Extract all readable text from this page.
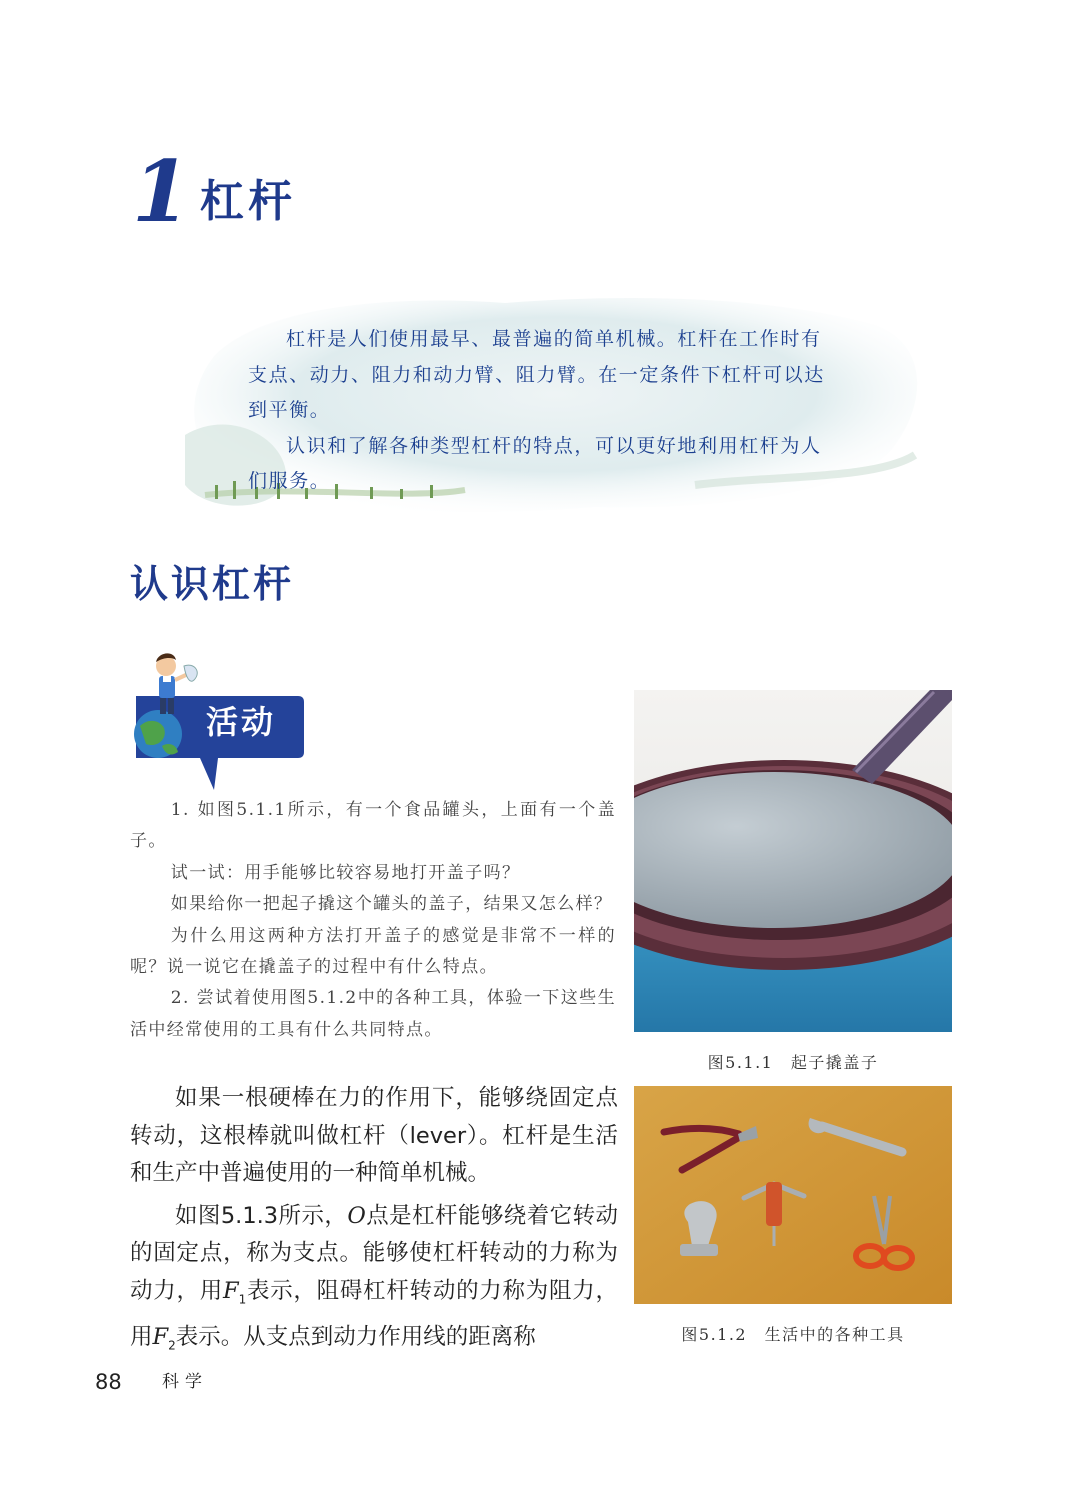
1 杠杆

杠杆是人们使用最早、最普遍的简单机械。杠杆在工作时有支点、动力、阻力和动力臂、阻力臂。在一定条件下杠杆可以达到平衡。

认识和了解各种类型杠杆的特点，可以更好地利用杠杆为人们服务。

认识杠杆
活动

1. 如图5.1.1所示，有一个食品罐头，上面有一个盖子。

试一试：用手能够比较容易地打开盖子吗？

如果给你一把起子撬这个罐头的盖子，结果又怎么样？

为什么用这两种方法打开盖子的感觉是非常不一样的呢？说一说它在撬盖子的过程中有什么特点。

2. 尝试着使用图5.1.2中的各种工具，体验一下这些生活中经常使用的工具有什么共同特点。

如果一根硬棒在力的作用下，能够绕固定点转动，这根棒就叫做杠杆（lever）。杠杆是生活和生产中普遍使用的一种简单机械。

如图5.1.3所示，O点是杠杆能够绕着它转动的固定点，称为支点。能够使杠杆转动的力称为动力，用$F_1$表示，阻碍杠杆转动的力称为阻力，用$F_2$表示。从支点到动力作用线的距离称

图5.1.1　起子撬盖子
图5.1.2　生活中的各种工具
88 科学
